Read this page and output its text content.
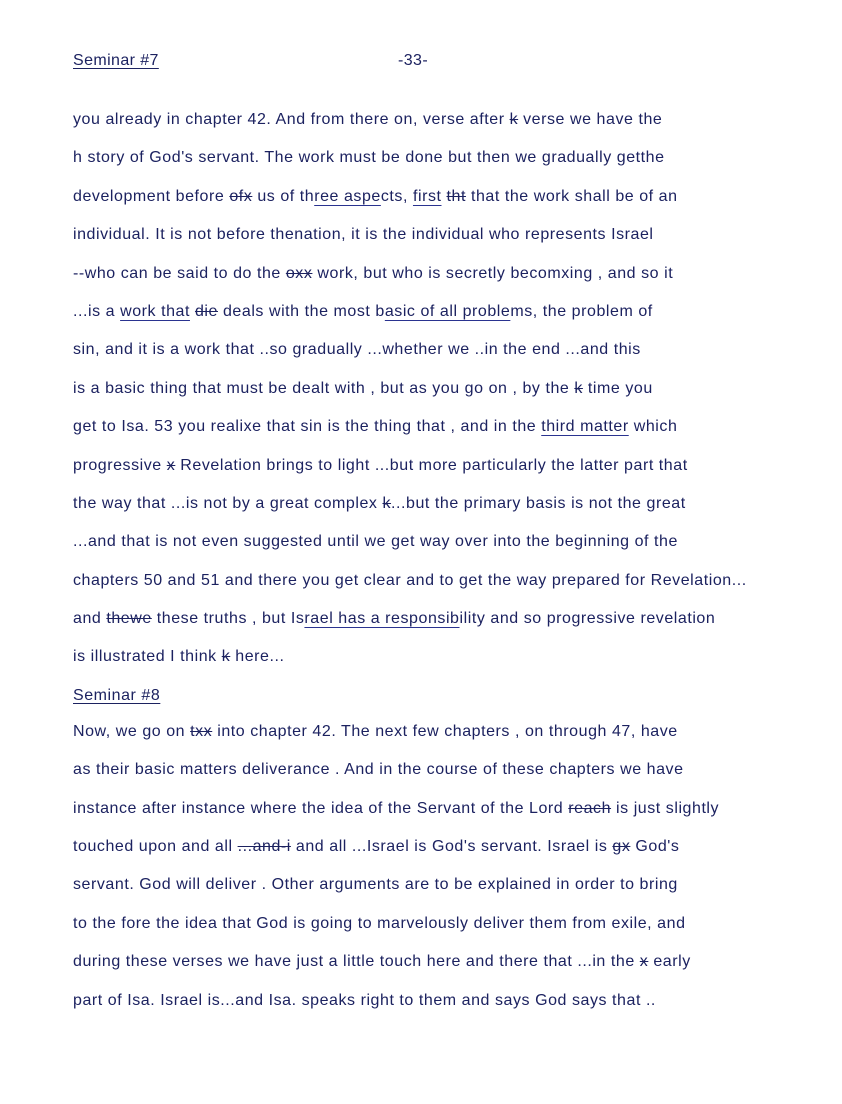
Seminar #7	-33-
you already in chapter 42. And from there on, verse after k verse we have the
h story of God's servant. The work must be done but then we gradually getthe
development before ofx us of three aspects, first tht that the work shall be of an
individual. It is not before thenation, it is the individual who represents Israel
--who can be said to do the oxx work, but who is secretly becomxing , and so it
...is a work that die deals with the most basic of all problems, the problem of
sin, and it is a work that ..so gradually ...whether we ..in the end ...and this
is a basic thing that must be dealt with , but as you go on , by the k time you
get to Isa. 53 you realixe that sin is the thing that , and in the third matter which
progressive x Revelation brings to light ...but more particularly the latter part that
the way that ...is not by a great complex k...but the primary basis is not the great
...and that is not even suggested until we get way over into the beginning of the
chapters 50 and 51 and there you get clear and to get the way prepared for Revelation...
and thewe these truths , but Israel has a responsibility and so progressive revelation
is illustrated I think k here...
Seminar #8
Now, we go on txx into chapter 42. The next few chapters , on through 47, have
as their basic matters deliverance . And in the course of these chapters we have
instance after instance where the idea of the Servant of the Lord reach is just slightly
touched upon and all ...and-i and all ...Israel is God's servant. Israel is gx God's
servant. God will deliver . Other arguments are to be explained in order to bring
to the fore the idea that God is going to marvelously deliver them from exile, and
during these verses we have just a little touch here and there that ...in the x early
part of Isa. Israel is...and Isa. speaks right to them and says God says that ..
